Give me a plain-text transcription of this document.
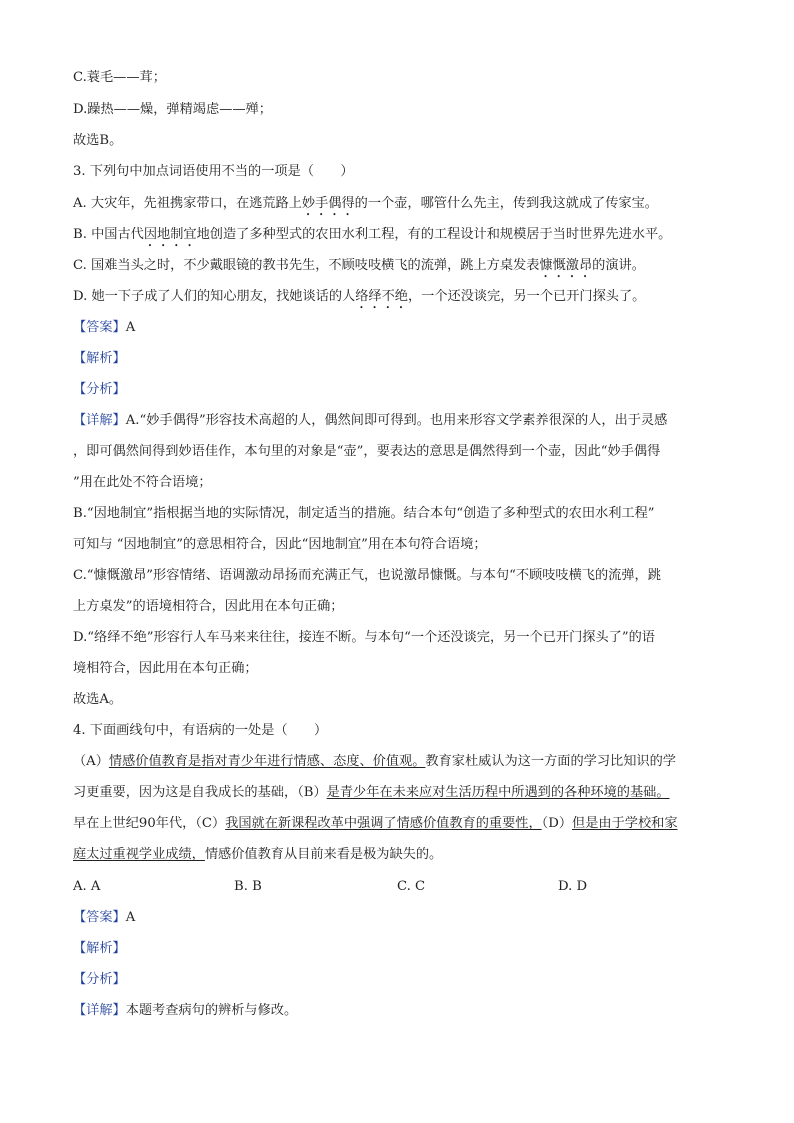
C.蓑毛——茸；
D.躁热——燥，弹精竭虑——殚；
故选B。
3. 下列句中加点词语使用不当的一项是（　　）
A. 大灾年，先祖携家带口，在逃荒路上妙手偶得的一个壶，哪管什么先主，传到我这就成了传家宝。
B. 中国古代因地制宜地创造了多种型式的农田水利工程，有的工程设计和规模居于当时世界先进水平。
C. 国难当头之时，不少戴眼镜的教书先生，不顾吱吱横飞的流弹，跳上方桌发表慷慨激昂的演讲。
D. 她一下子成了人们的知心朋友，找她谈话的人络绎不绝，一个还没谈完，另一个已开门探头了。
【答案】A
【解析】
【分析】
【详解】A.“妙手偶得”形容技术高超的人，偶然间即可得到。也用来形容文学素养很深的人，出于灵感
，即可偶然间得到妙语佳作，本句里的对象是“壶”，要表达的意思是偶然得到一个壶，因此“妙手偶得
”用在此处不符合语境；
B.“因地制宜”指根据当地的实际情况，制定适当的措施。结合本句“创造了多种型式的农田水利工程”
可知与 “因地制宜”的意思相符合，因此“因地制宜”用在本句符合语境；
C.“慷慨激昂”形容情绪、语调激动昂扬而充满正气，也说激昂慷慨。与本句“不顾吱吱横飞的流弹，跳
上方桌发”的语境相符合，因此用在本句正确；
D.“络绎不绝”形容行人车马来来往往，接连不断。与本句“一个还没谈完，另一个已开门探头了”的语
境相符合，因此用在本句正确；
故选A。
4. 下面画线句中，有语病的一处是（　　）
（A）情感价值教育是指对青少年进行情感、态度、价值观。教育家杜威认为这一方面的学习比知识的学
习更重要，因为这是自我成长的基础，（B）是青少年在未来应对生活历程中所遇到的各种环境的基础。
早在上世纪90年代，（C）我国就在新课程改革中强调了情感价值教育的重要性，（D）但是由于学校和家
庭太过重视学业成绩，情感价值教育从目前来看是极为缺失的。
A. A	B. B	C. C	D. D
【答案】A
【解析】
【分析】
【详解】本题考查病句的辨析与修改。
